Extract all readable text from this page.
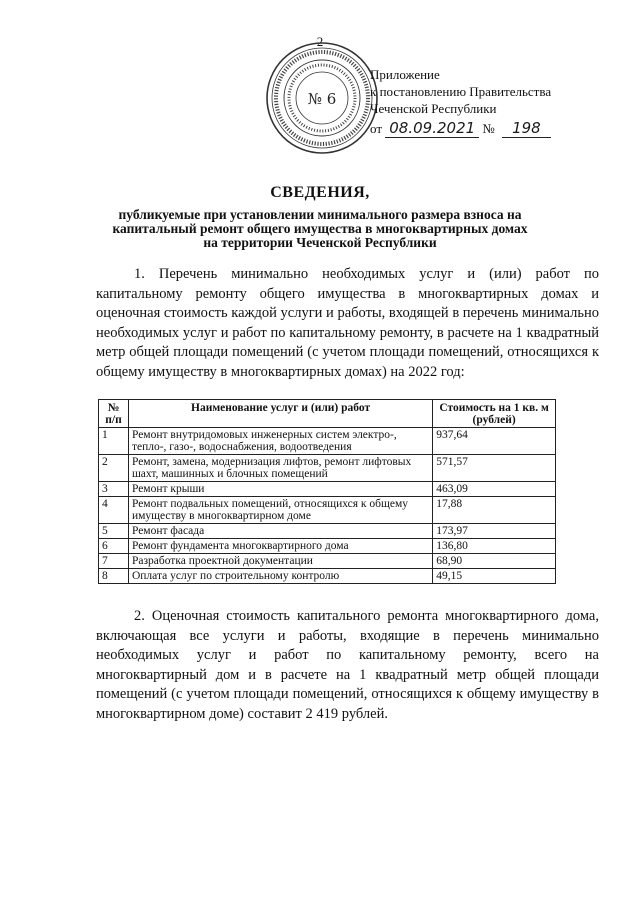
2
№ 6
Приложение
к постановлению Правительства
Чеченской Республики
от 08.09.2021 № 198
СВЕДЕНИЯ,
публикуемые при установлении минимального размера взноса на капитальный ремонт общего имущества в многоквартирных домах на территории Чеченской Республики
1. Перечень минимально необходимых услуг и (или) работ по капитальному ремонту общего имущества в многоквартирных домах и оценочная стоимость каждой услуги и работы, входящей в перечень минимально необходимых услуг и работ по капитальному ремонту, в расчете на 1 квадратный метр общей площади помещений (с учетом площади помещений, относящихся к общему имуществу в многоквартирных домах) на 2022 год:
№ п/п	Наименование услуг и (или) работ	Стоимость на 1 кв. м (рублей)
1	Ремонт внутридомовых инженерных систем электро-, тепло-, газо-, водоснабжения, водоотведения	937,64
2	Ремонт, замена, модернизация лифтов, ремонт лифтовых шахт, машинных и блочных помещений	571,57
3	Ремонт крыши	463,09
4	Ремонт подвальных помещений, относящихся к общему имуществу в многоквартирном доме	17,88
5	Ремонт фасада	173,97
6	Ремонт фундамента многоквартирного дома	136,80
7	Разработка проектной документации	68,90
8	Оплата услуг по строительному контролю	49,15
2. Оценочная стоимость капитального ремонта многоквартирного дома, включающая все услуги и работы, входящие в перечень минимально необходимых услуг и работ по капитальному ремонту, всего на многоквартирный дом и в расчете на 1 квадратный метр общей площади помещений (с учетом площади помещений, относящихся к общему имуществу в многоквартирном доме) составит 2 419 рублей.
